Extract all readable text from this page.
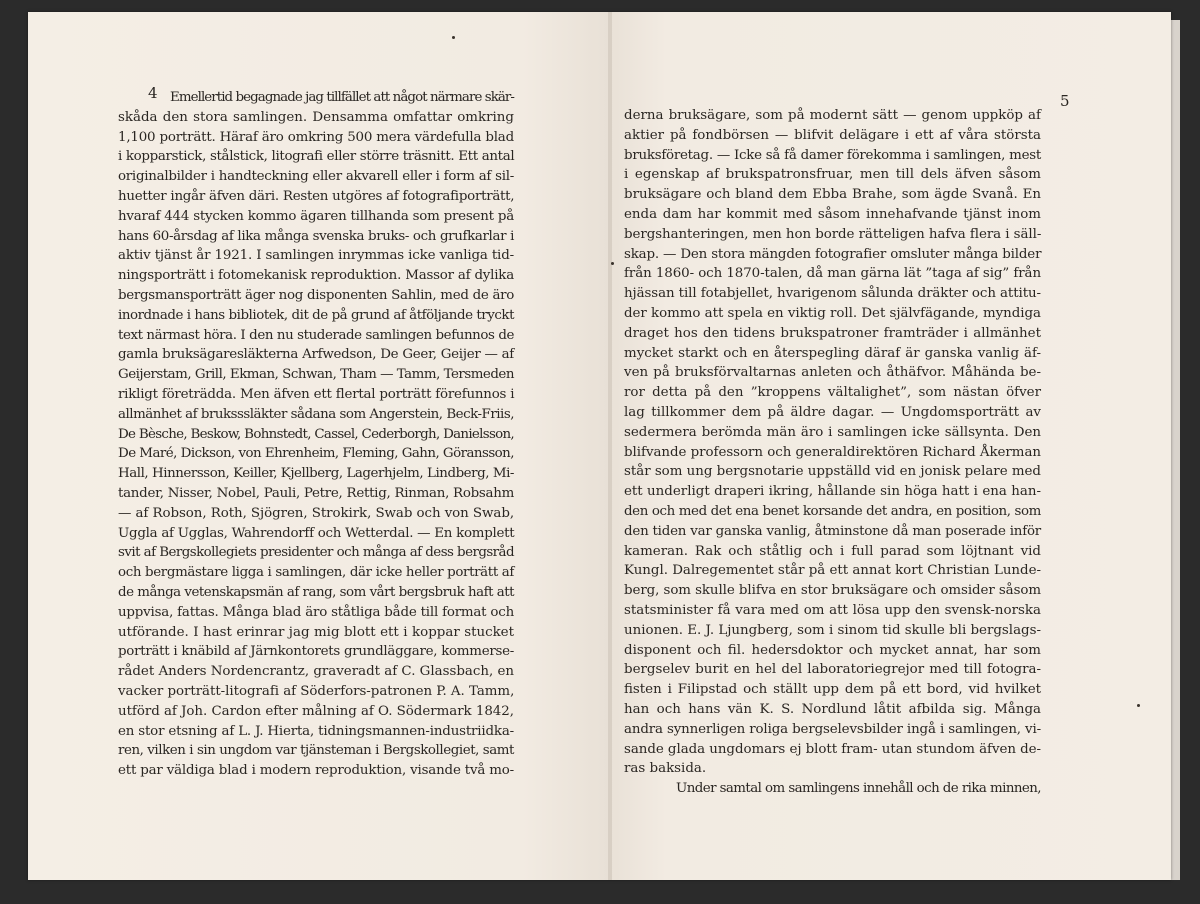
4	5
Emellertid begagnade jag tillfället att något närmare skär-
skåda den stora samlingen. Densamma omfattar omkring
1,100 porträtt. Häraf äro omkring 500 mera värdefulla blad
i kopparstick, stålstick, litografi eller större träsnitt. Ett antal
originalbilder i handteckning eller akvarell eller i form af sil-
huetter ingår äfven däri. Resten utgöres af fotografiporträtt,
hvaraf 444 stycken kommo ägaren tillhanda som present på
hans 60-årsdag af lika många svenska bruks- och grufkarlar i
aktiv tjänst år 1921. I samlingen inrymmas icke vanliga tid-
ningsporträtt i fotomekanisk reproduktion. Massor af dylika
bergsmansporträtt äger nog disponenten Sahlin, med de äro
inordnade i hans bibliotek, dit de på grund af åtföljande tryckt
text närmast höra. I den nu studerade samlingen befunnos de
gamla bruksägaresläkterna Arfwedson, De Geer, Geijer — af
Geijerstam, Grill, Ekman, Schwan, Tham — Tamm, Tersmeden
rikligt företrädda. Men äfven ett flertal porträtt förefunnos i
allmänhet af bruksssläkter sådana som Angerstein, Beck-Friis,
De Bèsche, Beskow, Bohnstedt, Cassel, Cederborgh, Danielsson,
De Maré, Dickson, von Ehrenheim, Fleming, Gahn, Göransson,
Hall, Hinnersson, Keiller, Kjellberg, Lagerhjelm, Lindberg, Mi-
tander, Nisser, Nobel, Pauli, Petre, Rettig, Rinman, Robsahm
— af Robson, Roth, Sjögren, Strokirk, Swab och von Swab,
Uggla af Ugglas, Wahrendorff och Wetterdal. — En komplett
svit af Bergskollegiets presidenter och många af dess bergsråd
och bergmästare ligga i samlingen, där icke heller porträtt af
de många vetenskapsmän af rang, som vårt bergsbruk haft att
uppvisa, fattas. Många blad äro ståtliga både till format och
utförande. I hast erinrar jag mig blott ett i koppar stucket
porträtt i knäbild af Järnkontorets grundläggare, kommerse-
rådet Anders Nordencrantz, graveradt af C. Glassbach, en
vacker porträtt-litografi af Söderfors-patronen P. A. Tamm,
utförd af Joh. Cardon efter målning af O. Södermark 1842,
en stor etsning af L. J. Hierta, tidningsmannen-industriidka-
ren, vilken i sin ungdom var tjänsteman i Bergskollegiet, samt
ett par väldiga blad i modern reproduktion, visande två mo-
derna bruksägare, som på modernt sätt — genom uppköp af
aktier på fondbörsen — blifvit delägare i ett af våra största
bruksföretag. — Icke så få damer förekomma i samlingen, mest
i egenskap af brukspatronsfruar, men till dels äfven såsom
bruksägare och bland dem Ebba Brahe, som ägde Svanå. En
enda dam har kommit med såsom innehafvande tjänst inom
bergshanteringen, men hon borde rätteligen hafva flera i säll-
skap. — Den stora mängden fotografier omsluter många bilder
från 1860- och 1870-talen, då man gärna lät ”taga af sig” från
hjässan till fotabjellet, hvarigenom sålunda dräkter och attitu-
der kommo att spela en viktig roll. Det självfägande, myndiga
draget hos den tidens brukspatroner framträder i allmänhet
mycket starkt och en återspegling däraf är ganska vanlig äf-
ven på bruksförvaltarnas anleten och åthäfvor. Måhända be-
ror detta på den ”kroppens vältalighet”, som nästan öfver
lag tillkommer dem på äldre dagar. — Ungdomsporträtt av
sedermera berömda män äro i samlingen icke sällsynta. Den
blifvande professorn och generaldirektören Richard Åkerman
står som ung bergsnotarie uppställd vid en jonisk pelare med
ett underligt draperi ikring, hållande sin höga hatt i ena han-
den och med det ena benet korsande det andra, en position, som
den tiden var ganska vanlig, åtminstone då man poserade inför
kameran. Rak och ståtlig och i full parad som löjtnant vid
Kungl. Dalregementet står på ett annat kort Christian Lunde-
berg, som skulle blifva en stor bruksägare och omsider såsom
statsminister få vara med om att lösa upp den svensk-norska
unionen. E. J. Ljungberg, som i sinom tid skulle bli bergslags-
disponent och fil. hedersdoktor och mycket annat, har som
bergselev burit en hel del laboratoriegrejor med till fotogra-
fisten i Filipstad och ställt upp dem på ett bord, vid hvilket
han och hans vän K. S. Nordlund låtit afbilda sig. Många
andra synnerligen roliga bergselevsbilder ingå i samlingen, vi-
sande glada ungdomars ej blott fram- utan stundom äfven de-
ras baksida.
Under samtal om samlingens innehåll och de rika minnen,
